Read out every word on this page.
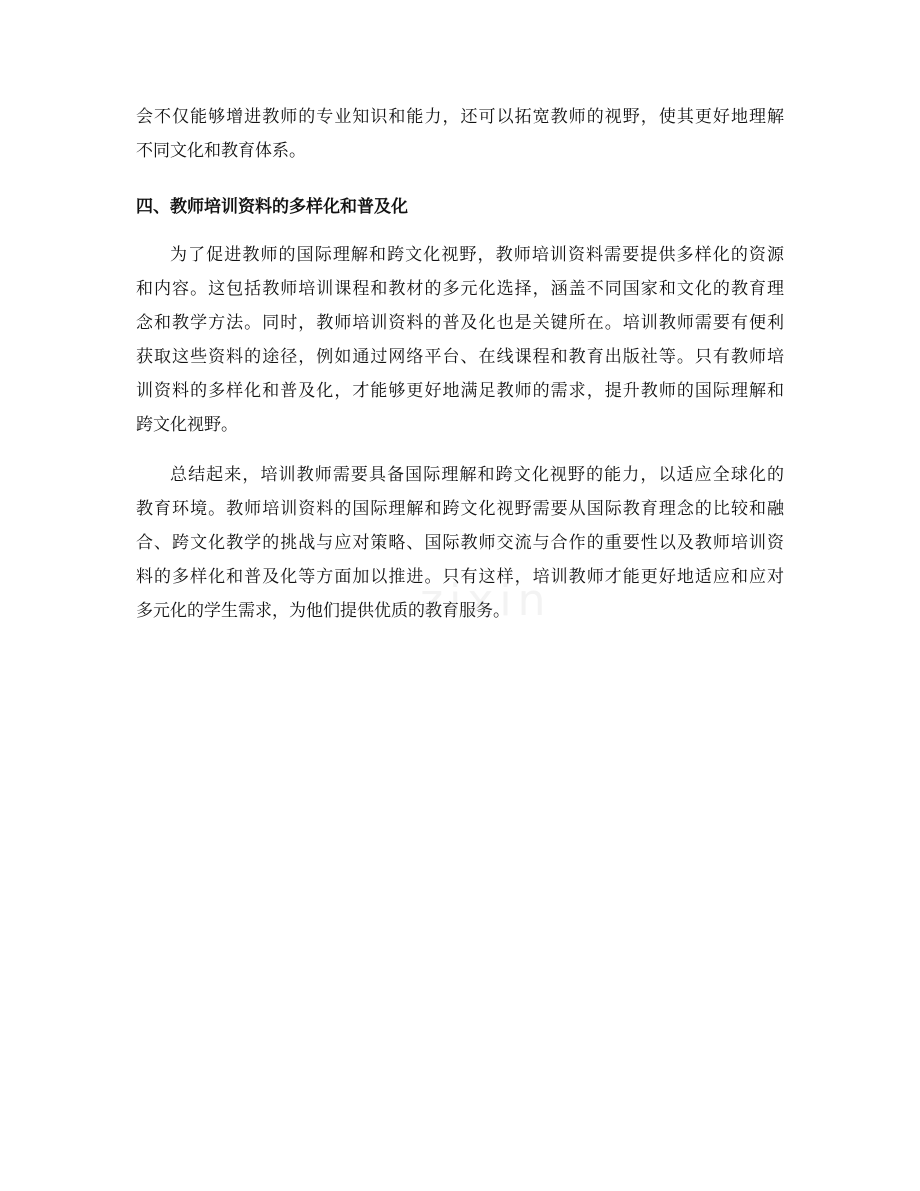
会不仅能够增进教师的专业知识和能力，还可以拓宽教师的视野，使其更好地理解
不同文化和教育体系。
四、教师培训资料的多样化和普及化
为了促进教师的国际理解和跨文化视野，教师培训资料需要提供多样化的资源
和内容。这包括教师培训课程和教材的多元化选择，涵盖不同国家和文化的教育理
念和教学方法。同时，教师培训资料的普及化也是关键所在。培训教师需要有便利
获取这些资料的途径，例如通过网络平台、在线课程和教育出版社等。只有教师培
训资料的多样化和普及化，才能够更好地满足教师的需求，提升教师的国际理解和
跨文化视野。
总结起来，培训教师需要具备国际理解和跨文化视野的能力，以适应全球化的
教育环境。教师培训资料的国际理解和跨文化视野需要从国际教育理念的比较和融
合、跨文化教学的挑战与应对策略、国际教师交流与合作的重要性以及教师培训资
料的多样化和普及化等方面加以推进。只有这样，培训教师才能更好地适应和应对
多元化的学生需求，为他们提供优质的教育服务。
zixin
